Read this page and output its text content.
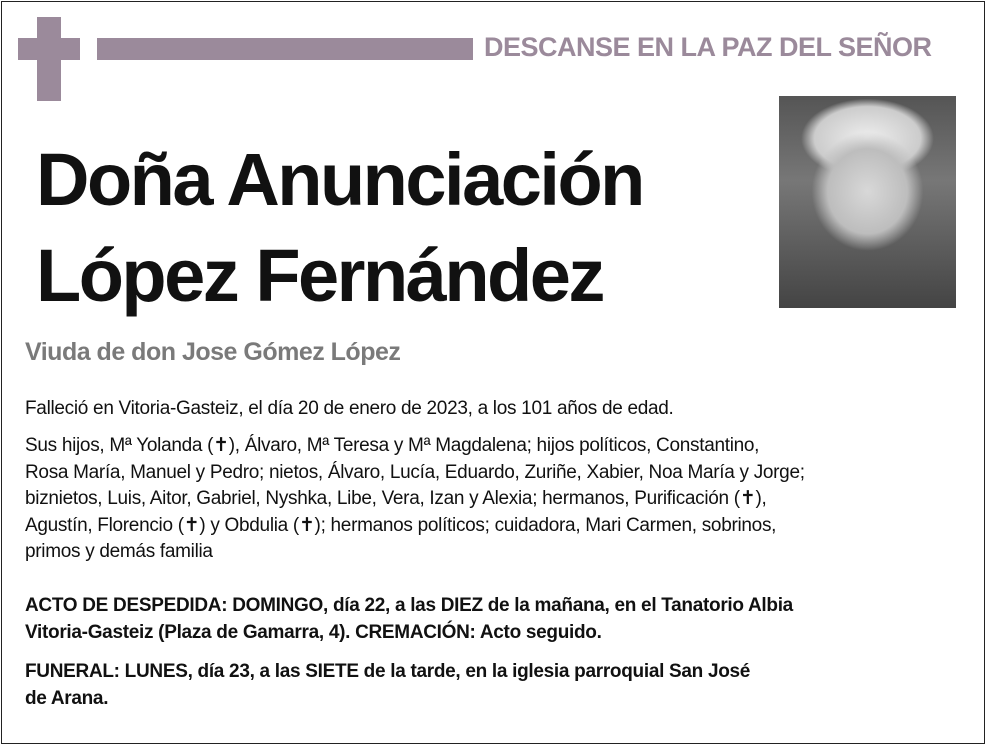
DESCANSE EN LA PAZ DEL SEÑOR
Doña Anunciación
López Fernández
Viuda de don Jose Gómez López
Falleció en Vitoria-Gasteiz, el día 20 de enero de 2023, a los 101 años de edad.
Sus hijos, Mª Yolanda (✝), Álvaro, Mª Teresa y Mª Magdalena; hijos políticos, Constantino,
Rosa María, Manuel y Pedro; nietos, Álvaro, Lucía, Eduardo, Zuriñe, Xabier, Noa María y Jorge;
biznietos, Luis, Aitor, Gabriel, Nyshka, Libe, Vera, Izan y Alexia; hermanos, Purificación (✝),
Agustín, Florencio (✝) y Obdulia (✝); hermanos políticos; cuidadora, Mari Carmen, sobrinos,
primos y demás familia
ACTO DE DESPEDIDA: DOMINGO, día 22, a las DIEZ de la mañana, en el Tanatorio Albia
Vitoria-Gasteiz (Plaza de Gamarra, 4). CREMACIÓN: Acto seguido.
FUNERAL: LUNES, día 23, a las SIETE de la tarde, en la iglesia parroquial San José
de Arana.
